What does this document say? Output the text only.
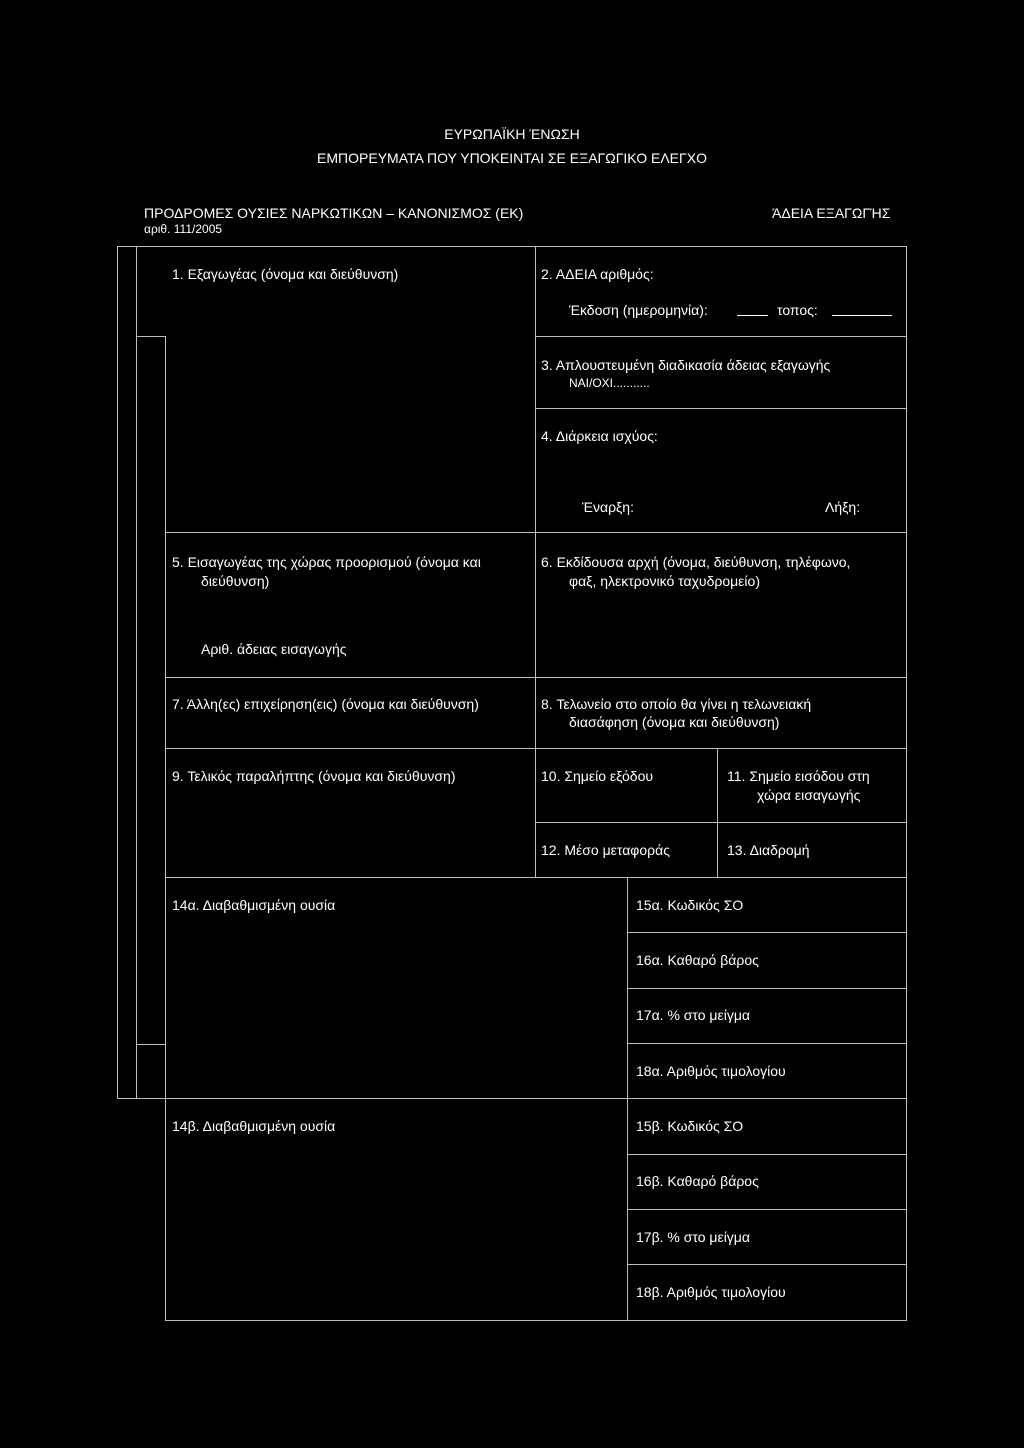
ΕΥΡΩΠΑΪΚΗ ΈΝΩΣΗ
ΕΜΠΟΡΕΥΜΑΤΑ ΠΟΥ ΥΠΟΚΕΙΝΤΑΙ ΣΕ ΕΞΑΓΩΓΙΚΟ ΕΛΕΓΧΟ
ΠΡΟΔΡΟΜΕΣ ΟΥΣΙΕΣ ΝΑΡΚΩΤΙΚΩΝ – ΚΑΝΟΝΙΣΜΟΣ (ΕΚ)
αριθ. 111/2005
ΆΔΕΙΑ ΕΞΑΓΩΓΉΣ
1. Εξαγωγέας (όνομα και διεύθυνση)	2. ΑΔΕΙΑ αριθμός:
Έκδοση (ημερομηνία):	τοπος:
3. Απλουστευμένη διαδικασία άδειας εξαγωγής
ΝΑΙ/ΟΧΙ...........
4. Διάρκεια ισχύος:
Έναρξη:	Λήξη:
5. Εισαγωγέας της χώρας προορισμού (όνομα και
διεύθυνση)
Αριθ. άδειας εισαγωγής
6. Εκδίδουσα αρχή (όνομα, διεύθυνση, τηλέφωνο,
φαξ, ηλεκτρονικό ταχυδρομείο)
7. Άλλη(ες) επιχείρηση(εις) (όνομα και διεύθυνση)	8. Τελωνείο στο οποίο θα γίνει η τελωνειακή
διασάφηση (όνομα και διεύθυνση)
9. Τελικός παραλήπτης (όνομα και διεύθυνση)	10. Σημείο εξόδου	11. Σημείο εισόδου στη
χώρα εισαγωγής
12. Μέσο μεταφοράς	13. Διαδρομή
14α. Διαβαθμισμένη ουσία	15α. Κωδικός ΣΟ
16α. Καθαρό βάρος
17α. % στο μείγμα
18α. Αριθμός τιμολογίου
14β. Διαβαθμισμένη ουσία	15β. Κωδικός ΣΟ
16β. Καθαρό βάρος
17β. % στο μείγμα
18β. Αριθμός τιμολογίου
